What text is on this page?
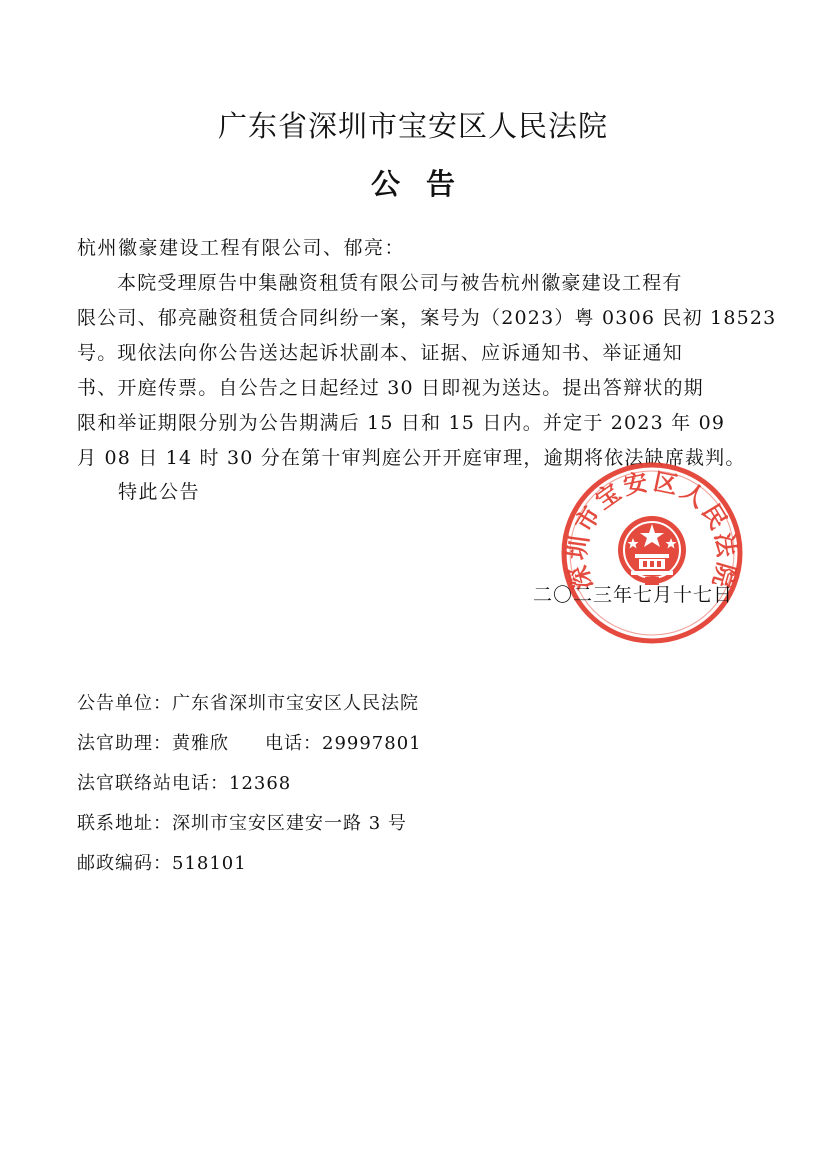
广东省深圳市宝安区人民法院
公告
杭州徽豪建设工程有限公司、郁亮：
本院受理原告中集融资租赁有限公司与被告杭州徽豪建设工程有
限公司、郁亮融资租赁合同纠纷一案，案号为（2023）粤 0306 民初 18523
号。现依法向你公告送达起诉状副本、证据、应诉通知书、举证通知
书、开庭传票。自公告之日起经过 30 日即视为送达。提出答辩状的期
限和举证期限分别为公告期满后 15 日和 15 日内。并定于 2023 年 09
月 08 日 14 时 30 分在第十审判庭公开开庭审理，逾期将依法缺席裁判。
特此公告
深圳市宝安区人民法院
二〇二三年七月十七日
公告单位：广东省深圳市宝安区人民法院
法官助理：黄雅欣 电话：29997801
法官联络站电话：12368
联系地址：深圳市宝安区建安一路 3 号
邮政编码：518101
